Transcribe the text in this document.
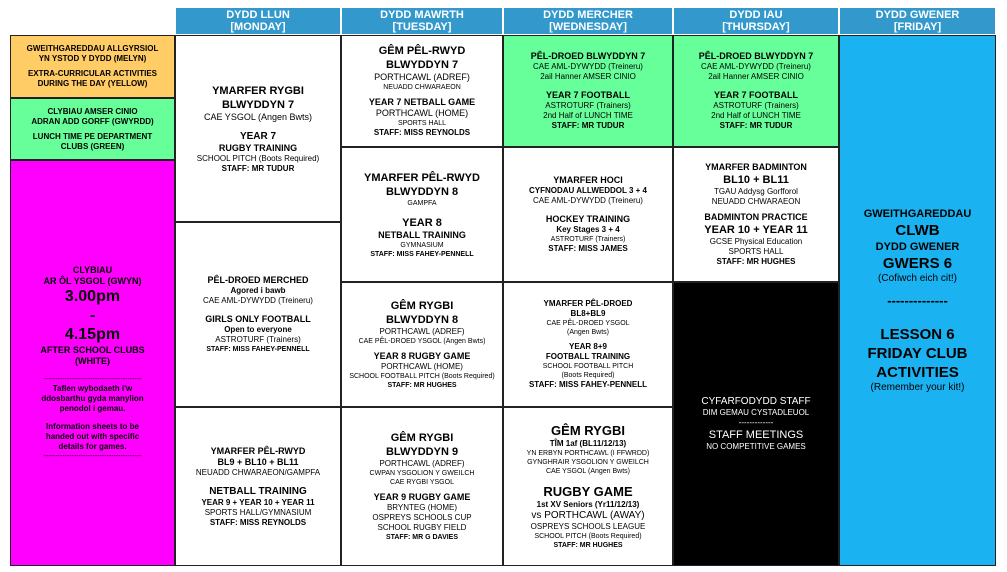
DYDD LLUN
[MONDAY]
DYDD MAWRTH
[TUESDAY]
DYDD MERCHER
[WEDNESDAY]
DYDD IAU
[THURSDAY]
DYDD GWENER
[FRIDAY]
GWEITHGAREDDAU ALLGYRSIOL
YN YSTOD Y DYDD (MELYN)
EXTRA-CURRICULAR ACTIVITIES
DURING THE DAY (YELLOW)
CLYBIAU AMSER CINIO
ADRAN ADD GORFF (GWYRDD)
LUNCH TIME PE DEPARTMENT
CLUBS (GREEN)
CLYBIAU
AR ÔL YSGOL (GWYN)
3.00pm
-
4.15pm
AFTER SCHOOL CLUBS
(WHITE)
------------------------------------------
Taflen wybodaeth i'w
ddosbarthu gyda manylion
penodol i gemau.
Information sheets to be
handed out with specific
details for games.
------------------------------------------
YMARFER RYGBI
BLWYDDYN 7
CAE YSGOL (Angen Bwts)
YEAR 7
RUGBY TRAINING
SCHOOL PITCH (Boots Required)
STAFF: MR TUDUR
PÊL-DROED MERCHED
Agored i bawb
CAE AML-DYWYDD (Treineru)
GIRLS ONLY FOOTBALL
Open to everyone
ASTROTURF (Trainers)
STAFF: MISS FAHEY-PENNELL
YMARFER PÊL-RWYD
BL9 + BL10 + BL11
NEUADD CHWARAEON/GAMPFA
NETBALL TRAINING
YEAR 9 + YEAR 10 + YEAR 11
SPORTS HALL/GYMNASIUM
STAFF: MISS REYNOLDS
GÊM PÊL-RWYD
BLWYDDYN 7
PORTHCAWL (ADREF)
NEUADD CHWARAEON
YEAR 7 NETBALL GAME
PORTHCAWL (HOME)
SPORTS HALL
STAFF: MISS REYNOLDS
YMARFER PÊL-RWYD
BLWYDDYN 8
GAMPFA
YEAR 8
NETBALL TRAINING
GYMNASIUM
STAFF: MISS FAHEY-PENNELL
GÊM RYGBI
BLWYDDYN 8
PORTHCAWL (ADREF)
CAE PÊL-DROED YSGOL (Angen Bwts)
YEAR 8 RUGBY GAME
PORTHCAWL (HOME)
SCHOOL FOOTBALL PITCH (Boots Required)
STAFF: MR HUGHES
GÊM RYGBI
BLWYDDYN 9
PORTHCAWL (ADREF)
CWPAN YSGOLION Y GWEILCH
CAE RYGBI YSGOL
YEAR 9 RUGBY GAME
BRYNTEG (HOME)
OSPREYS SCHOOLS CUP
SCHOOL RUGBY FIELD
STAFF: MR G DAVIES
PÊL-DROED BLWYDDYN 7
CAE AML-DYWYDD (Treineru)
2ail Hanner AMSER CINIO
YEAR 7 FOOTBALL
ASTROTURF (Trainers)
2nd Half of LUNCH TIME
STAFF: MR TUDUR
YMARFER HOCI
CYFNODAU ALLWEDDOL 3 + 4
CAE AML-DYWYDD (Treineru)
HOCKEY TRAINING
Key Stages 3 + 4
ASTROTURF (Trainers)
STAFF: MISS JAMES
YMARFER PÊL-DROED
BL8+BL9
CAE PÊL-DROED YSGOL
(Angen Bwts)
YEAR 8+9
FOOTBALL TRAINING
SCHOOL FOOTBALL PITCH
(Boots Required)
STAFF: MISS FAHEY-PENNELL
GÊM RYGBI
TÎM 1af (BL11/12/13)
YN ERBYN PORTHCAWL (I FFWRDD)
GYNGHRAIR YSGOLION Y GWEILCH
CAE YSGOL (Angen Bwts)
RUGBY GAME
1st XV Seniors (Yr11/12/13)
vs PORTHCAWL (AWAY)
OSPREYS SCHOOLS LEAGUE
SCHOOL PITCH (Boots Required)
STAFF: MR HUGHES
PÊL-DROED BLWYDDYN 7
CAE AML-DYWYDD (Treineru)
2ail Hanner AMSER CINIO
YEAR 7 FOOTBALL
ASTROTURF (Trainers)
2nd Half of LUNCH TIME
STAFF: MR TUDUR
YMARFER BADMINTON
BL10 + BL11
TGAU Addysg Gorfforol
NEUADD CHWARAEON
BADMINTON PRACTICE
YEAR 10 + YEAR 11
GCSE Physical Education
SPORTS HALL
STAFF: MR HUGHES
CYFARFODYDD STAFF
DIM GEMAU CYSTADLEUOL
-------------
STAFF MEETINGS
NO COMPETITIVE GAMES
GWEITHGAREDDAU
CLWB
DYDD GWENER
GWERS 6
(Cofiwch eich cit!)
--------------
LESSON 6
FRIDAY CLUB
ACTIVITIES
(Remember your kit!)
